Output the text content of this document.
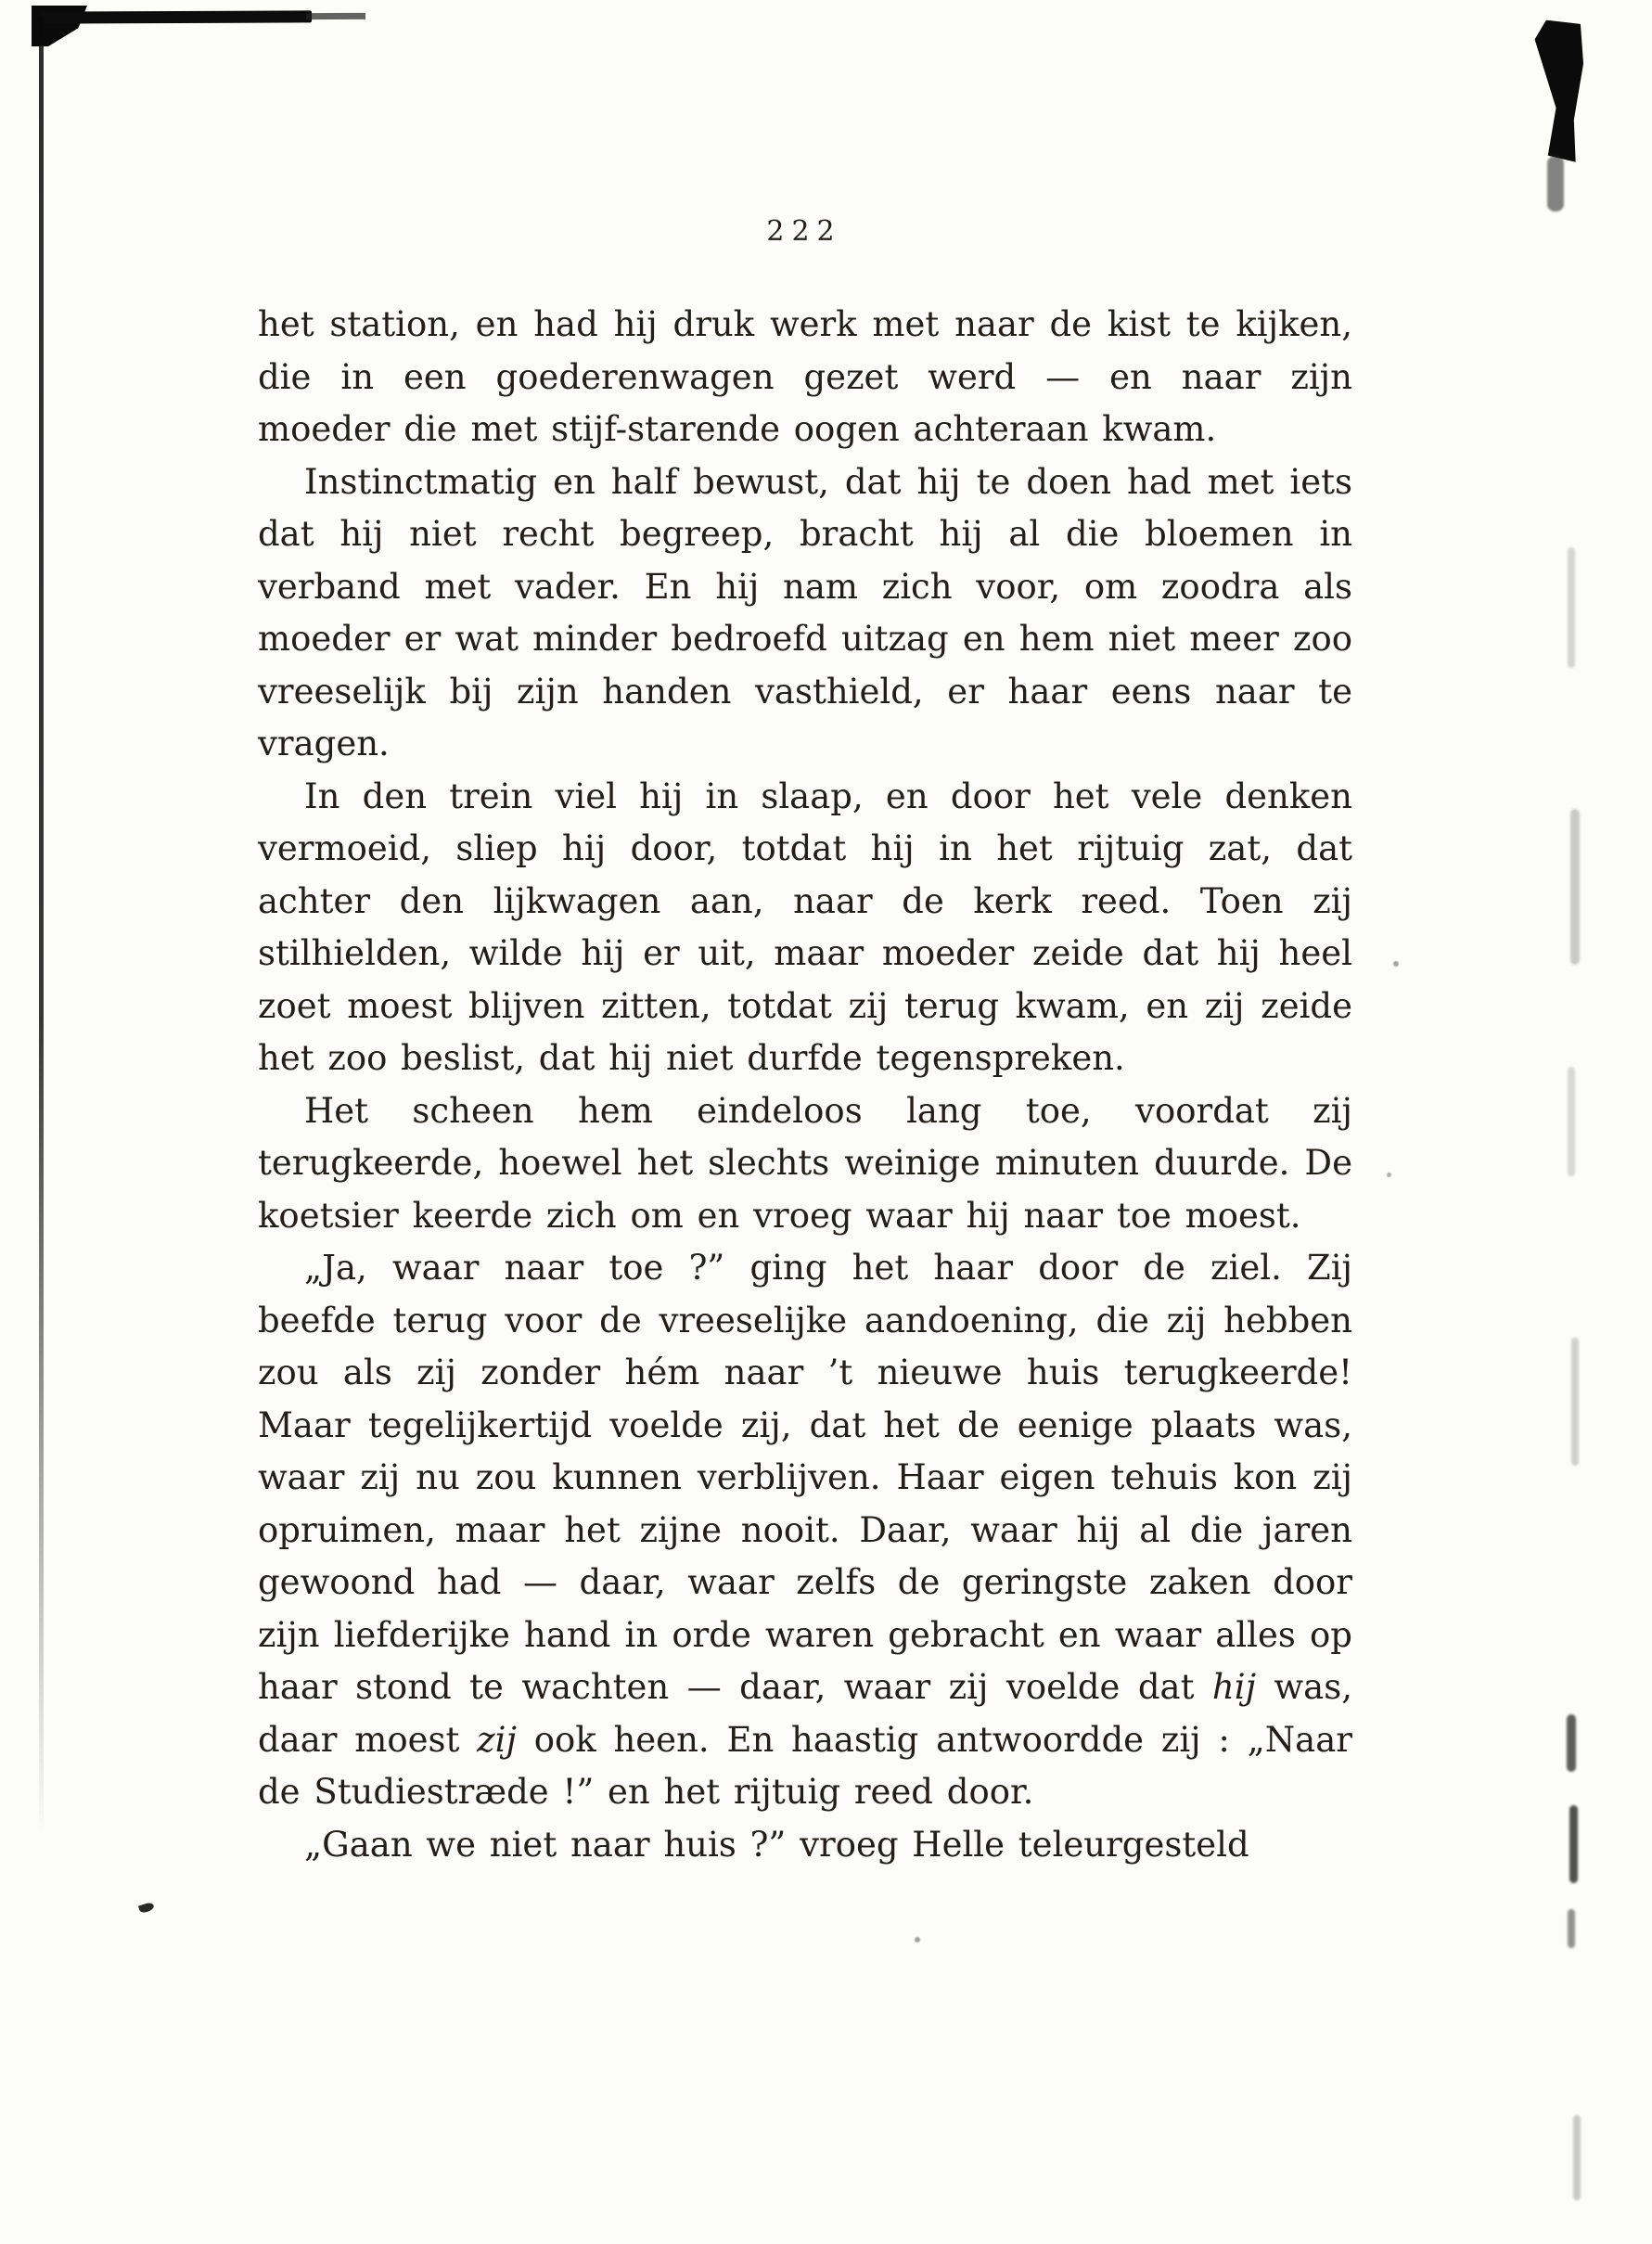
222

het station, en had hij druk werk met naar de kist te kijken, die in een goederenwagen gezet werd — en naar zijn moeder die met stijf-starende oogen achteraan kwam.

Instinctmatig en half bewust, dat hij te doen had met iets dat hij niet recht begreep, bracht hij al die bloemen in verband met vader. En hij nam zich voor, om zoodra als moeder er wat minder bedroefd uitzag en hem niet meer zoo vreeselijk bij zijn handen vasthield, er haar eens naar te vragen.

In den trein viel hij in slaap, en door het vele denken vermoeid, sliep hij door, totdat hij in het rijtuig zat, dat achter den lijkwagen aan, naar de kerk reed. Toen zij stilhielden, wilde hij er uit, maar moeder zeide dat hij heel zoet moest blijven zitten, totdat zij terug kwam, en zij zeide het zoo beslist, dat hij niet durfde tegenspreken.

Het scheen hem eindeloos lang toe, voordat zij terugkeerde, hoewel het slechts weinige minuten duurde. De koetsier keerde zich om en vroeg waar hij naar toe moest.

„Ja, waar naar toe ?” ging het haar door de ziel. Zij beefde terug voor de vreeselijke aandoening, die zij hebben zou als zij zonder hém naar ’t nieuwe huis terugkeerde! Maar tegelijkertijd voelde zij, dat het de eenige plaats was, waar zij nu zou kunnen verblijven. Haar eigen tehuis kon zij opruimen, maar het zijne nooit. Daar, waar hij al die jaren gewoond had — daar, waar zelfs de geringste zaken door zijn liefderijke hand in orde waren gebracht en waar alles op haar stond te wachten — daar, waar zij voelde dat hij was, daar moest zij ook heen. En haastig antwoordde zij : „Naar de Studiestræde !” en het rijtuig reed door.

„Gaan we niet naar huis ?” vroeg Helle teleurgesteld
